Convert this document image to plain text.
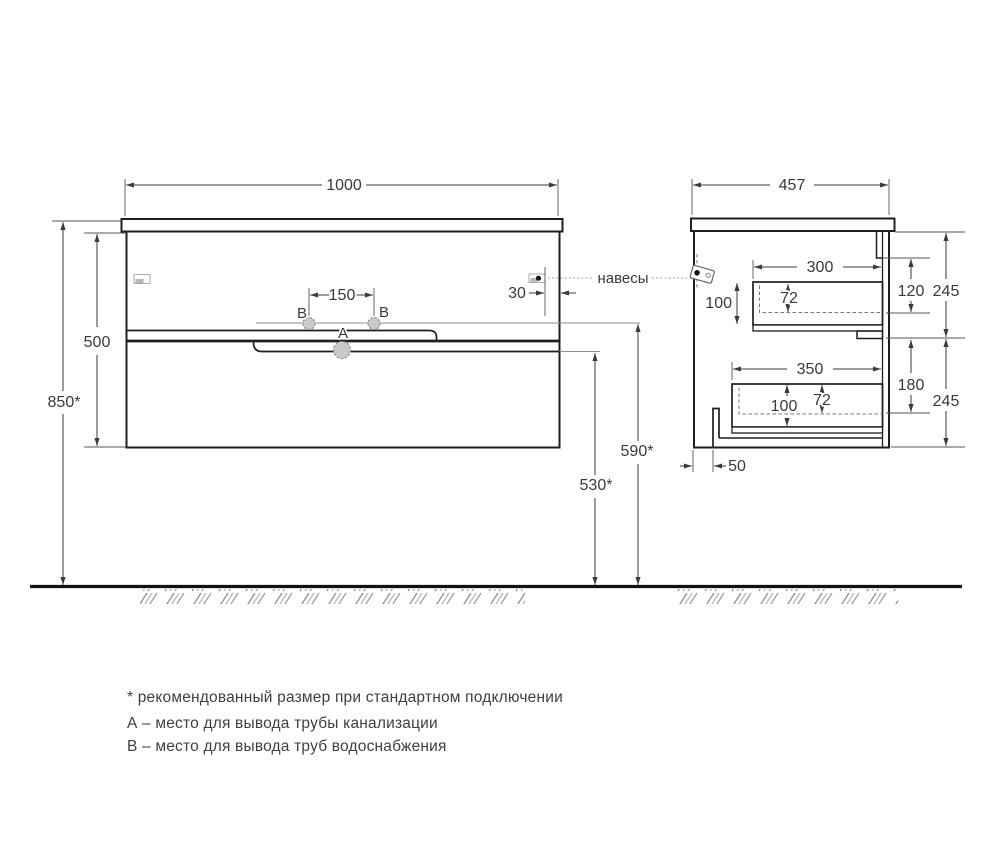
В	В
А
навесы
1000
500
850*
150	30
590*
530*
457
300
100	72
350
100 72
50
120
180
245
245
* рекомендованный размер при стандартном подключении
А – место для вывода трубы канализации
В – место для вывода труб водоснабжения
